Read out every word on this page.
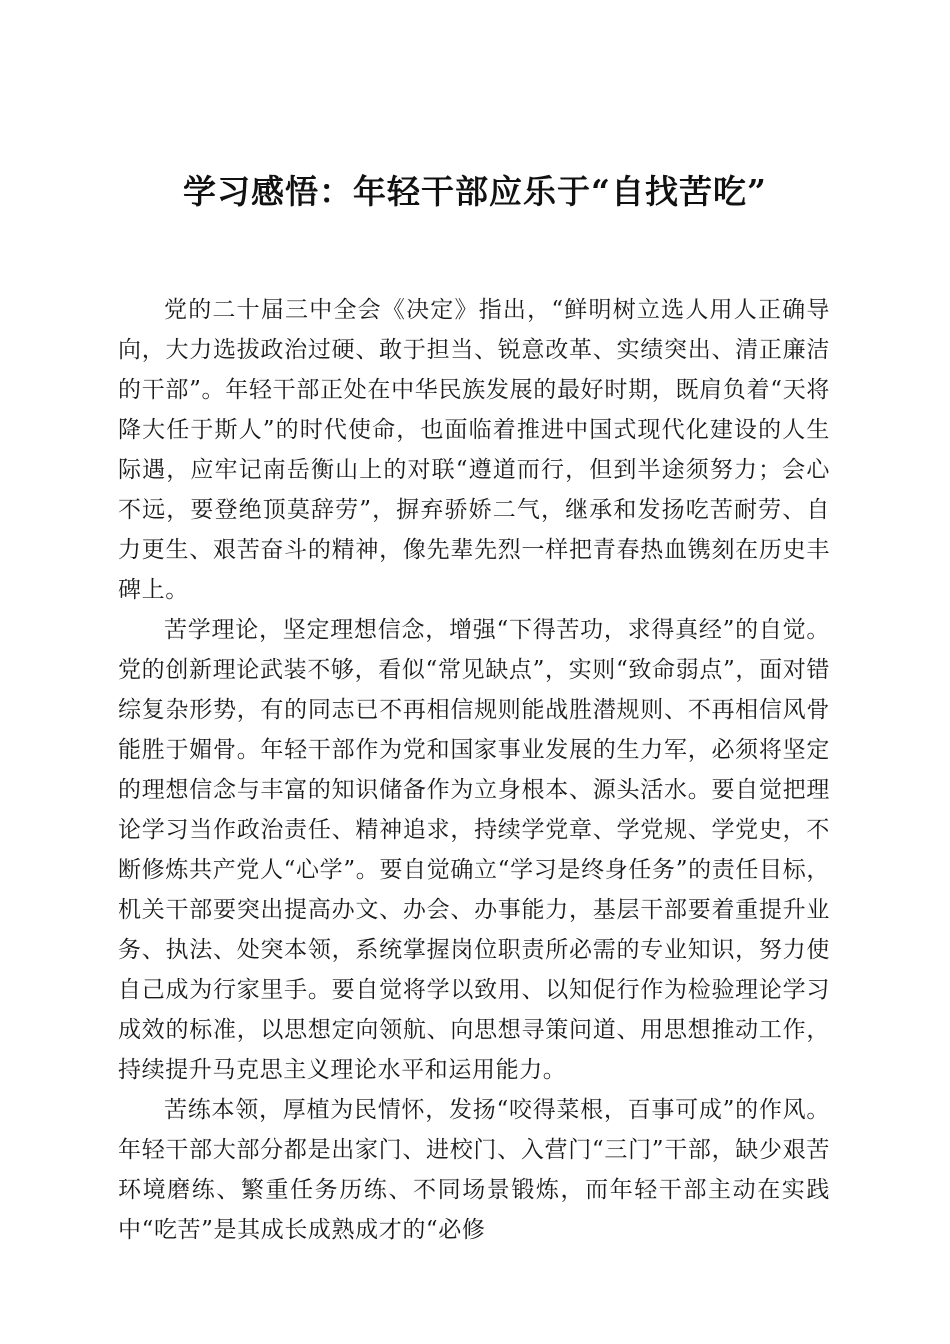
学习感悟：年轻干部应乐于“自找苦吃”

党的二十届三中全会《决定》指出，“鲜明树立选人用人正确导向，大力选拔政治过硬、敢于担当、锐意改革、实绩突出、清正廉洁的干部”。年轻干部正处在中华民族发展的最好时期，既肩负着“天将降大任于斯人”的时代使命，也面临着推进中国式现代化建设的人生际遇，应牢记南岳衡山上的对联“遵道而行，但到半途须努力；会心不远，要登绝顶莫辞劳”，摒弃骄娇二气，继承和发扬吃苦耐劳、自力更生、艰苦奋斗的精神，像先辈先烈一样把青春热血镌刻在历史丰碑上。

苦学理论，坚定理想信念，增强“下得苦功，求得真经”的自觉。党的创新理论武装不够，看似“常见缺点”，实则“致命弱点”，面对错综复杂形势，有的同志已不再相信规则能战胜潜规则、不再相信风骨能胜于媚骨。年轻干部作为党和国家事业发展的生力军，必须将坚定的理想信念与丰富的知识储备作为立身根本、源头活水。要自觉把理论学习当作政治责任、精神追求，持续学党章、学党规、学党史，不断修炼共产党人“心学”。要自觉确立“学习是终身任务”的责任目标，机关干部要突出提高办文、办会、办事能力，基层干部要着重提升业务、执法、处突本领，系统掌握岗位职责所必需的专业知识，努力使自己成为行家里手。要自觉将学以致用、以知促行作为检验理论学习成效的标准，以思想定向领航、向思想寻策问道、用思想推动工作，持续提升马克思主义理论水平和运用能力。

苦练本领，厚植为民情怀，发扬“咬得菜根，百事可成”的作风。年轻干部大部分都是出家门、进校门、入营门“三门”干部，缺少艰苦环境磨练、繁重任务历练、不同场景锻炼，而年轻干部主动在实践中“吃苦”是其成长成熟成才的“必修
